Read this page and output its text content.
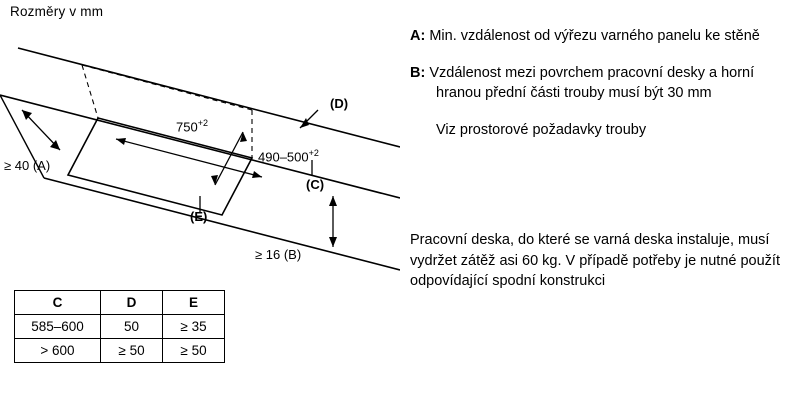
Rozměry v mm
$750^{+2}$
$490-500^{+2}$
≥ 40 (A)
≥ 16 (B)
(D)
(C)
(E)
C	D	E
585–600	50	≥ 35
> 600	≥ 50	≥ 50
A: Min. vzdálenost od výřezu varného panelu ke stěně
B: Vzdálenost mezi povrchem pracovní desky a horní hranou přední části trouby musí být 30 mm
Viz prostorové požadavky trouby
Pracovní deska, do které se varná deska instaluje, musí vydržet zátěž asi 60 kg. V případě potřeby je nutné použít odpovídající spodní konstrukci
